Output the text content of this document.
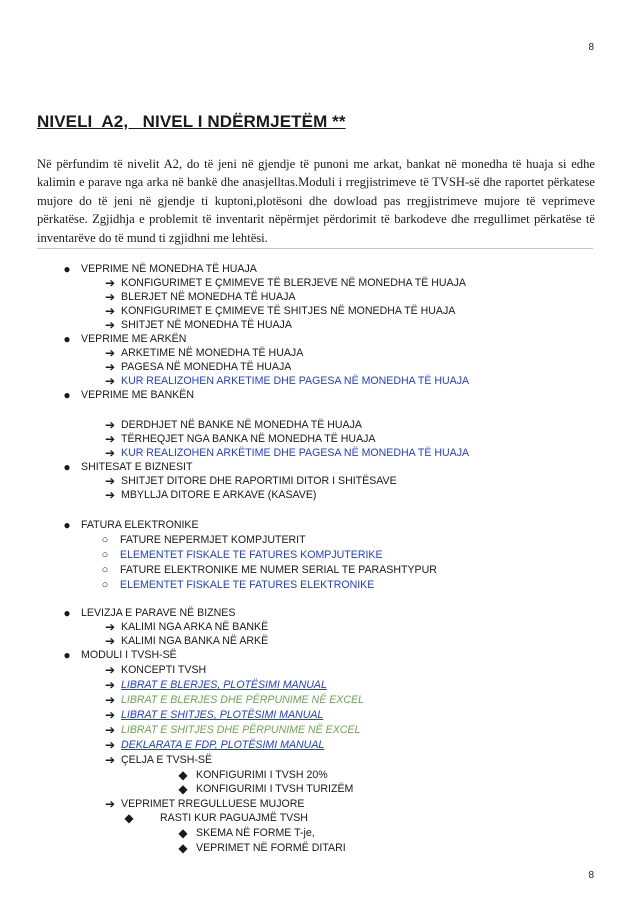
8
NIVELI  A2,   NIVEL I NDËRMJETËM **

Në përfundim të nivelit A2, do të jeni në gjendje të punoni me arkat, bankat në monedha të huaja si edhe kalimin e parave nga arka në bankë dhe anasjelltas.Moduli i rregjistrimeve të TVSH-së dhe raportet përkatese mujore do të jeni në gjendje ti kuptoni,plotësoni dhe dowload pas rregjistrimeve mujore të veprimeve përkatëse. Zgjidhja e problemit të inventarit nëpërmjet përdorimit të barkodeve dhe rregullimet përkatëse të inventarëve do të mund ti zgjidhni me lehtësi.

● VEPRIME NË MONEDHA TË HUAJA
➔ KONFIGURIMET E ÇMIMEVE TË BLERJEVE NË MONEDHA TË HUAJA
➔ BLERJET NË MONEDHA TË HUAJA
➔ KONFIGURIMET E ÇMIMEVE TË SHITJES NË MONEDHA TË HUAJA
➔ SHITJET NË MONEDHA TË HUAJA
● VEPRIME ME ARKËN
➔ ARKETIME NË MONEDHA TË HUAJA
➔ PAGESA NË MONEDHA TË HUAJA
➔ KUR REALIZOHEN ARKETIME DHE PAGESA NË MONEDHA TË HUAJA
● VEPRIME ME BANKËN
➔ DERDHJET NË BANKE NË MONEDHA TË HUAJA
➔ TËRHEQJET NGA BANKA NË MONEDHA TË HUAJA
➔ KUR REALIZOHEN ARKËTIME DHE PAGESA NË MONEDHA TË HUAJA
● SHITESAT E BIZNESIT
➔ SHITJET DITORE DHE RAPORTIMI DITOR I SHITËSAVE
➔ MBYLLJA DITORE E ARKAVE (KASAVE)
● FATURA ELEKTRONIKE
○	FATURE NEPERMJET KOMPJUTERIT
○	ELEMENTET FISKALE TE FATURES KOMPJUTERIKE
○	FATURE ELEKTRONIKE ME NUMER SERIAL TE PARASHTYPUR
○	ELEMENTET FISKALE TE FATURES ELEKTRONIKE
● LEVIZJA E PARAVE NË BIZNES
➔ KALIMI NGA ARKA NË BANKË
➔ KALIMI NGA BANKA NË ARKË
● MODULI I TVSH-SË
➔ KONCEPTI TVSH
➔ LIBRAT E BLERJES, PLOTËSIMI MANUAL
➔ LIBRAT E BLERJES DHE PËRPUNIME NË EXCEL
➔ LIBRAT E SHITJES, PLOTËSIMI MANUAL
➔ LIBRAT E SHITJES DHE PËRPUNIME NË EXCEL
➔ DEKLARATA E FDP, PLOTËSIMI MANUAL
➔ ÇELJA E TVSH-SË
◆ KONFIGURIMI I TVSH 20%
◆ KONFIGURIMI I TVSH TURIZËM
➔ VEPRIMET RREGULLUESE MUJORE
◆ RASTI KUR PAGUAJMË TVSH
◆ SKEMA NË FORME T-je,
◆ VEPRIMET NË FORMË DITARI
8
